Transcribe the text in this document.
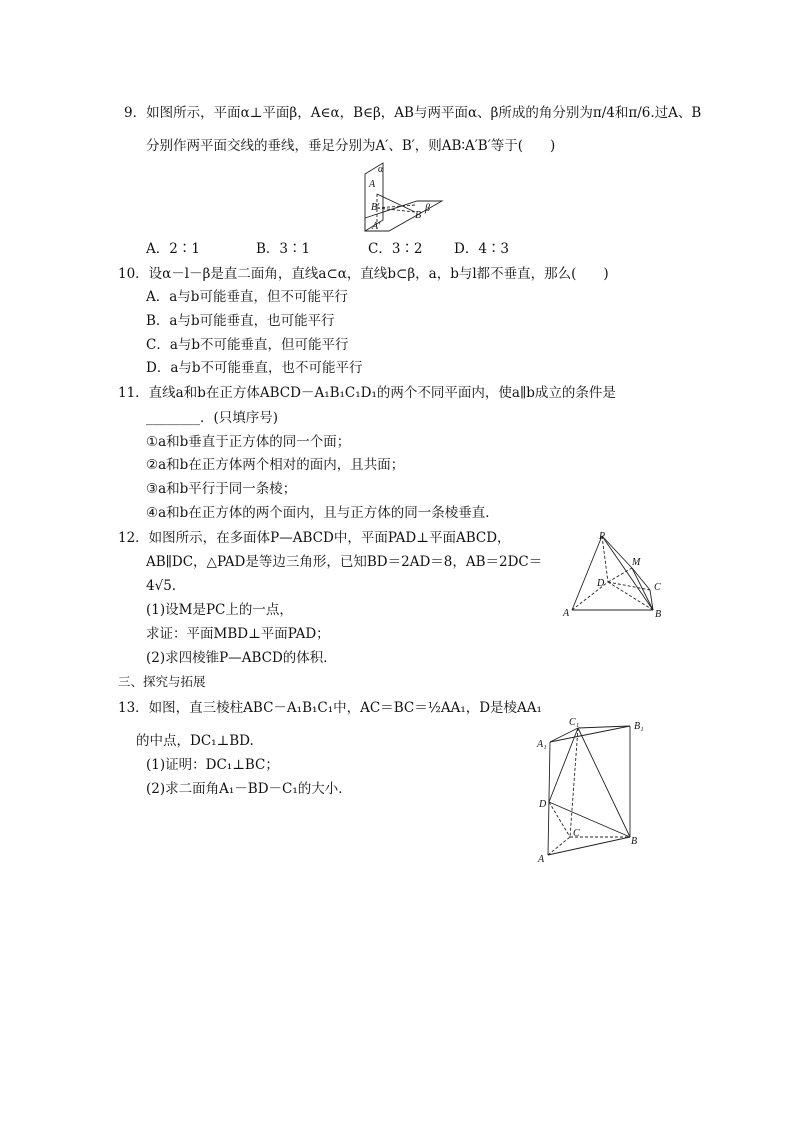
9．如图所示，平面α⊥平面β，A∈α，B∈β，AB与两平面α、β所成的角分别为π/4和π/6.过A、B
分别作两平面交线的垂线，垂足分别为A′、B′，则AB∶A′B′等于(　　)
α
A
B′
B
β
A′
A．2∶1	B．3∶1	C．3∶2 D．4∶3
10．设α－l－β是直二面角，直线a⊂α，直线b⊂β，a，b与l都不垂直，那么(　　)
A．a与b可能垂直，但不可能平行
B．a与b可能垂直，也可能平行
C．a与b不可能垂直，但可能平行
D．a与b不可能垂直，也不可能平行
11．直线a和b在正方体ABCD－A₁B₁C₁D₁的两个不同平面内，使a∥b成立的条件是
________．(只填序号)
①a和b垂直于正方体的同一个面；
②a和b在正方体两个相对的面内，且共面；
③a和b平行于同一条棱；
④a和b在正方体的两个面内，且与正方体的同一条棱垂直．
12．如图所示，在多面体P—ABCD中，平面PAD⊥平面ABCD，
AB∥DC，△PAD是等边三角形，已知BD＝2AD＝8，AB＝2DC＝
4√5.
(1)设M是PC上的一点，
求证：平面MBD⊥平面PAD；
(2)求四棱锥P—ABCD的体积．
P
M
D	C
A	B
三、探究与拓展
13．如图，直三棱柱ABC－A₁B₁C₁中，AC＝BC＝½AA₁，D是棱AA₁
的中点，DC₁⊥BD.
(1)证明：DC₁⊥BC；
(2)求二面角A₁－BD－C₁的大小．
C₁	B₁
A₁
D
C
B
A
